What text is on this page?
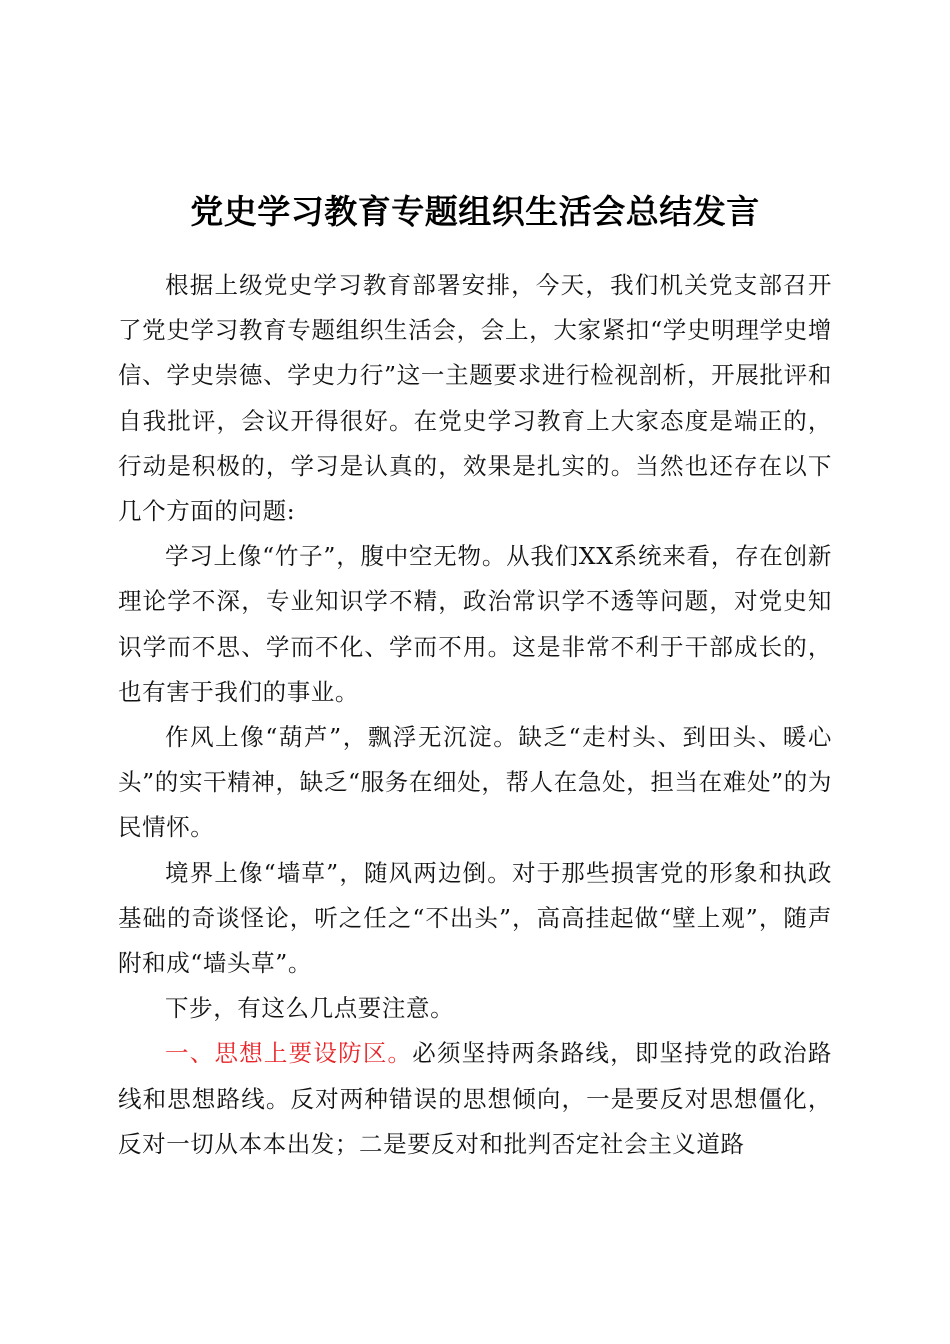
党史学习教育专题组织生活会总结发言

根据上级党史学习教育部署安排，今天，我们机关党支部召开了党史学习教育专题组织生活会，会上，大家紧扣“学史明理学史增信、学史崇德、学史力行”这一主题要求进行检视剖析，开展批评和自我批评，会议开得很好。在党史学习教育上大家态度是端正的，行动是积极的，学习是认真的，效果是扎实的。当然也还存在以下几个方面的问题:

学习上像“竹子”，腹中空无物。从我们XX系统来看，存在创新理论学不深，专业知识学不精，政治常识学不透等问题，对党史知识学而不思、学而不化、学而不用。这是非常不利于干部成长的，也有害于我们的事业。

作风上像“葫芦”，飘浮无沉淀。缺乏“走村头、到田头、暖心头”的实干精神，缺乏“服务在细处，帮人在急处，担当在难处”的为民情怀。

境界上像“墙草”，随风两边倒。对于那些损害党的形象和执政基础的奇谈怪论，听之任之“不出头”，高高挂起做“壁上观”，随声附和成“墙头草”。

下步，有这么几点要注意。

一、思想上要设防区。必须坚持两条路线，即坚持党的政治路线和思想路线。反对两种错误的思想倾向，一是要反对思想僵化，反对一切从本本出发；二是要反对和批判否定社会主义道路
